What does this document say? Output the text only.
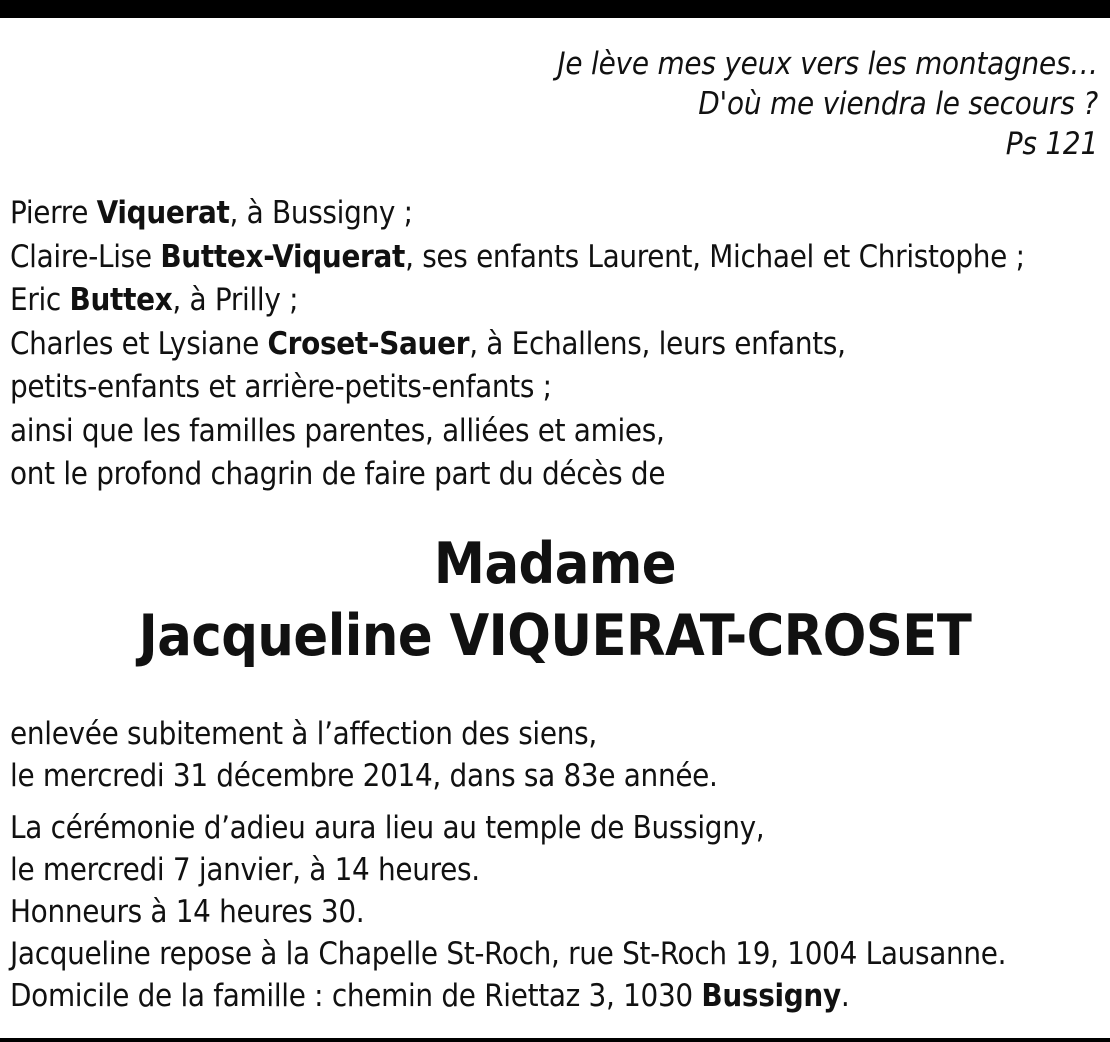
Je lève mes yeux vers les montagnes…
D'où me viendra le secours ?
Ps 121
Pierre Viquerat, à Bussigny ;
Claire-Lise Buttex-Viquerat, ses enfants Laurent, Michael et Christophe ;
Eric Buttex, à Prilly ;
Charles et Lysiane Croset-Sauer, à Echallens, leurs enfants,
petits-enfants et arrière-petits-enfants ;
ainsi que les familles parentes, alliées et amies,
ont le profond chagrin de faire part du décès de
Madame
Jacqueline VIQUERAT-CROSET
enlevée subitement à l’affection des siens,
le mercredi 31 décembre 2014, dans sa 83e année.
La cérémonie d’adieu aura lieu au temple de Bussigny,
le mercredi 7 janvier, à 14 heures.
Honneurs à 14 heures 30.
Jacqueline repose à la Chapelle St-Roch, rue St-Roch 19, 1004 Lausanne.
Domicile de la famille : chemin de Riettaz 3, 1030 Bussigny.
